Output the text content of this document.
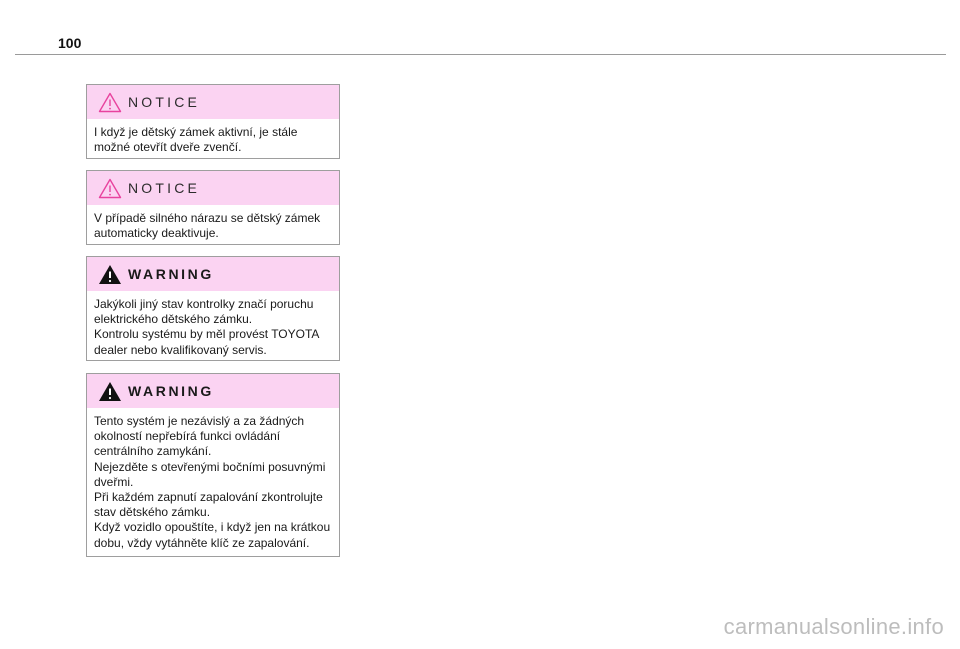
100
NOTICE

I když je dětský zámek aktivní, je stále možné otevřít dveře zvenčí.

NOTICE

V případě silného nárazu se dětský zámek automaticky deaktivuje.

WARNING

Jakýkoli jiný stav kontrolky značí poruchu elektrického dětského zámku.

Kontrolu systému by měl provést TOYOTA dealer nebo kvalifikovaný servis.

WARNING

Tento systém je nezávislý a za žádných okolností nepřebírá funkci ovládání centrálního zamykání.

Nejezděte s otevřenými bočními posuvnými dveřmi.

Při každém zapnutí zapalování zkontrolujte stav dětského zámku.

Když vozidlo opouštíte, i když jen na krátkou dobu, vždy vytáhněte klíč ze zapalování.

carmanualsonline.info
